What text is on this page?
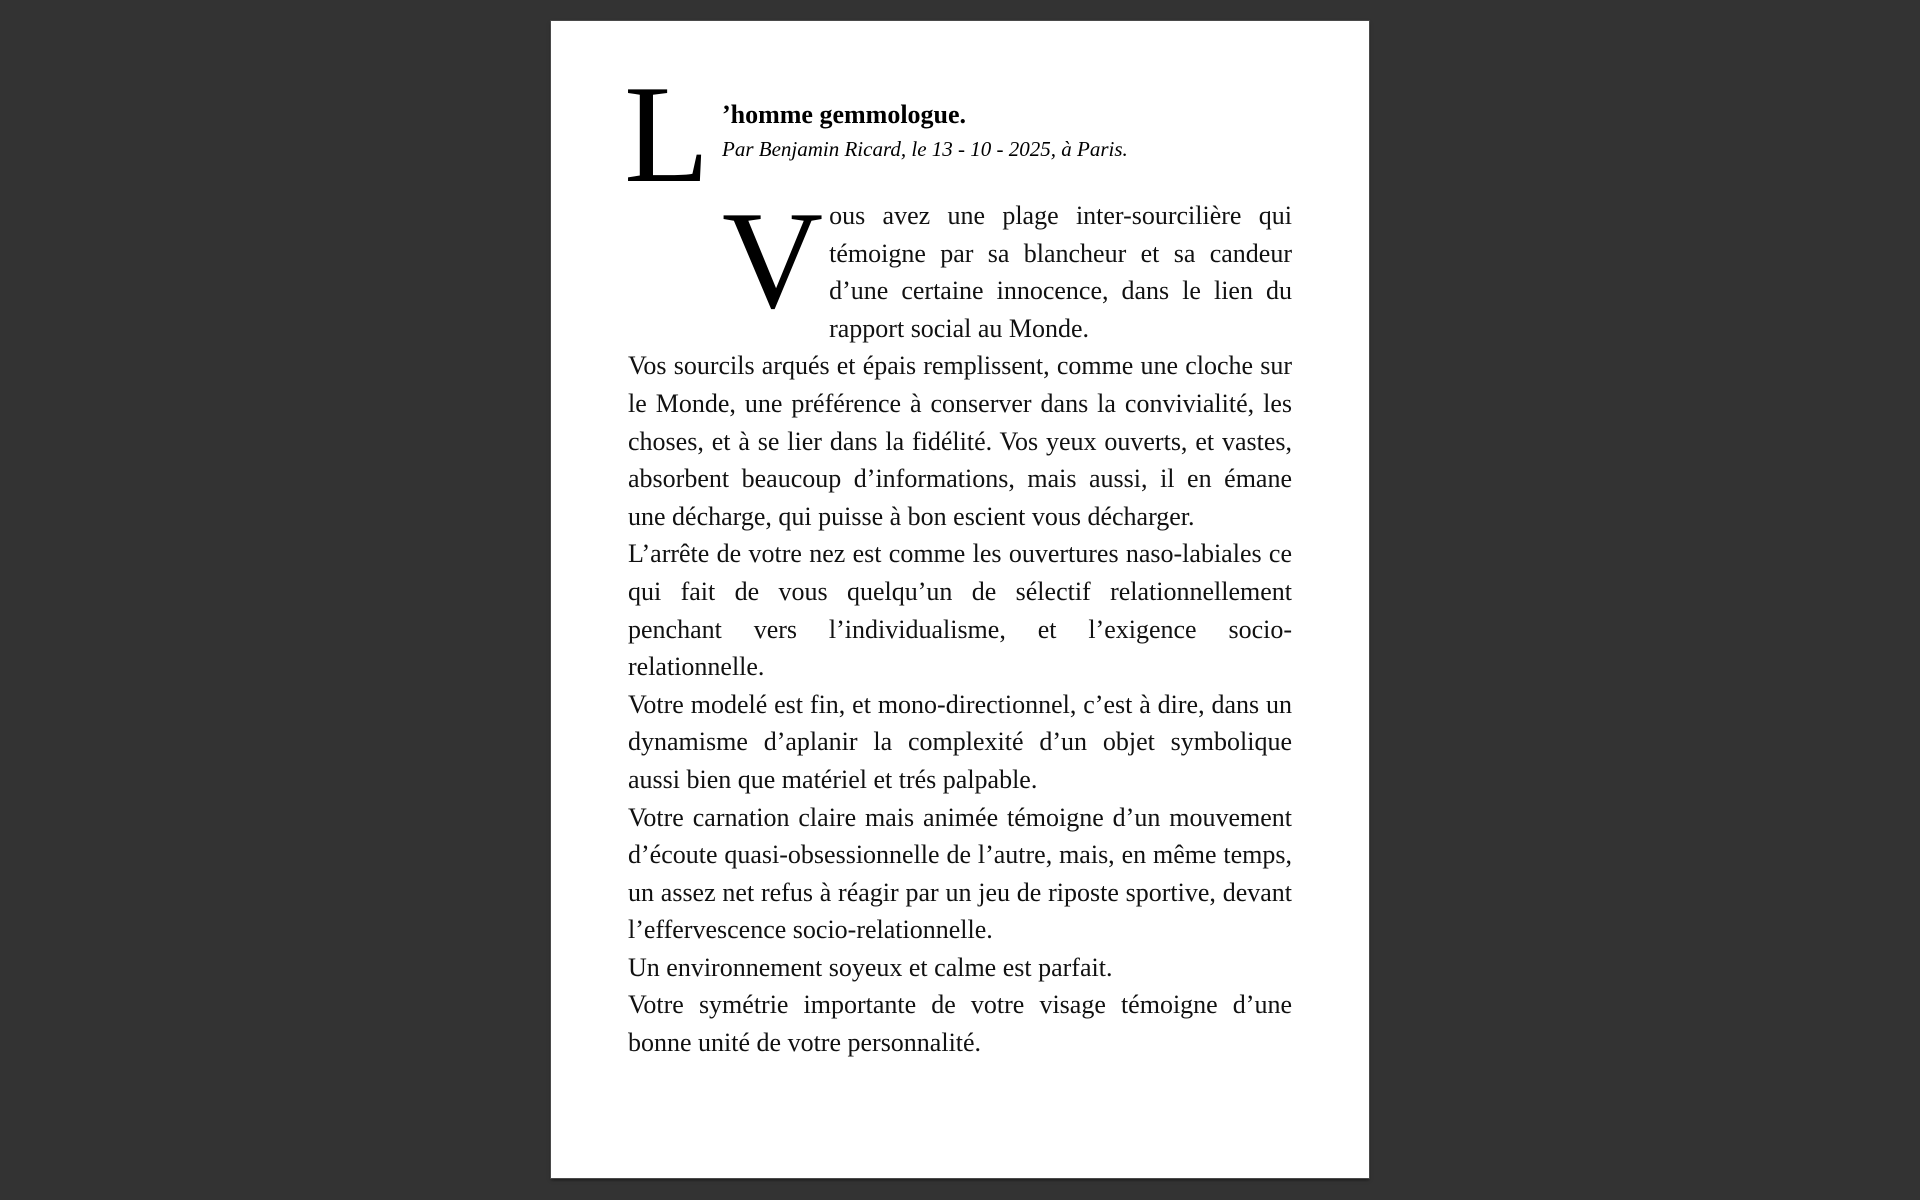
L ’homme gemmologue.
Par Benjamin Ricard, le 13 - 10 - 2025, à Paris.

Vous avez une plage inter-sourcilière qui témoigne par sa blancheur et sa candeur d’une certaine innocence, dans le lien du rapport social au Monde.

Vos sourcils arqués et épais remplissent, comme une cloche sur le Monde, une préférence à conserver dans la convivialité, les choses, et à se lier dans la fidélité. Vos yeux ouverts, et vastes, absorbent beaucoup d’informations, mais aussi, il en émane une décharge, qui puisse à bon escient vous décharger.

L’arrête de votre nez est comme les ouvertures naso-labiales ce qui fait de vous quelqu’un de sélectif relationnellement penchant vers l’individualisme, et l’exigence socio-relationnelle.

Votre modelé est fin, et mono-directionnel, c’est à dire, dans un dynamisme d’aplanir la complexité d’un objet symbolique aussi bien que matériel et trés palpable.

Votre carnation claire mais animée témoigne d’un mouvement d’écoute quasi-obsessionnelle de l’autre, mais, en même temps, un assez net refus à réagir par un jeu de riposte sportive, devant l’effervescence socio-relationnelle.

Un environnement soyeux et calme est parfait.

Votre symétrie importante de votre visage témoigne d’une bonne unité de votre personnalité.
